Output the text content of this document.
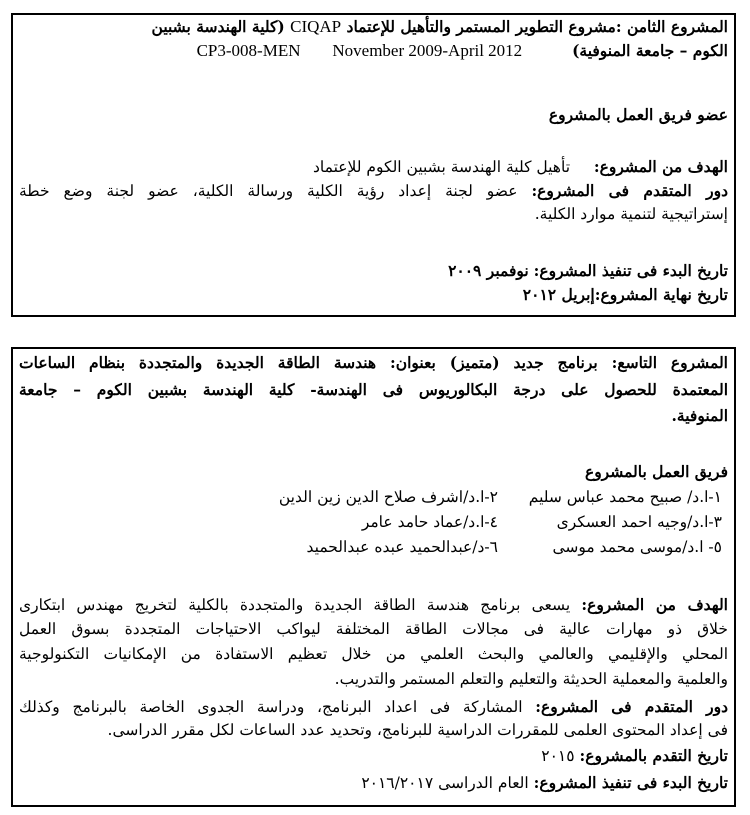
المشروع الثامن :مشروع التطوير المستمر والتأهيل للإعتماد CIQAP (كلية الهندسة بشبين
الكوم – جامعة المنوفية)  November 2009-April 2012  CP3-008-MEN
عضو فريق العمل بالمشروع
الهدف من المشروع:  تأهيل كلية الهندسة بشبين الكوم للإعتماد
دور المتقدم فى المشروع: عضو لجنة إعداد رؤية الكلية ورسالة الكلية، عضو لجنة وضع خطة
إستراتيجية لتنمية موارد الكلية.
تاريخ البدء فى تنفيذ المشروع: نوفمبر ٢٠٠٩
تاريخ نهاية المشروع:إبريل ٢٠١٢
المشروع التاسع: برنامج جديد (متميز) بعنوان: هندسة الطاقة الجديدة والمتجددة بنظام الساعات
المعتمدة للحصول على درجة البكالوريوس فى الهندسة- كلية الهندسة بشبين الكوم – جامعة
المنوفية.
فريق العمل بالمشروع
١-ا.د/ صبيح محمد عباس سليم
٢-ا.د/اشرف صلاح الدين زين الدين
٣-ا.د/وجيه احمد العسكرى
٤-ا.د/عماد حامد عامر
٥- ا.د/موسى محمد موسى
٦-د/عبدالحميد عبده عبدالحميد
الهدف من المشروع: يسعى برنامج هندسة الطاقة الجديدة والمتجددة بالكلية لتخريج مهندس ابتكارى
خلاق ذو مهارات عالية فى مجالات الطاقة المختلفة ليواكب الاحتياجات المتجددة بسوق العمل
المحلي والإقليمي والعالمي والبحث العلمي من خلال تعظيم الاستفادة من الإمكانيات التكنولوجية
والعلمية والمعملية الحديثة والتعليم والتعلم المستمر والتدريب.
دور المتقدم فى المشروع: المشاركة فى اعداد البرنامج، ودراسة الجدوى الخاصة بالبرنامج وكذلك
فى إعداد المحتوى العلمى للمقررات الدراسية للبرنامج، وتحديد عدد الساعات لكل مقرر الدراسى.
تاريخ التقدم بالمشروع: ٢٠١٥
تاريخ البدء فى تنفيذ المشروع: العام الدراسى ٢٠١٦/٢٠١٧
